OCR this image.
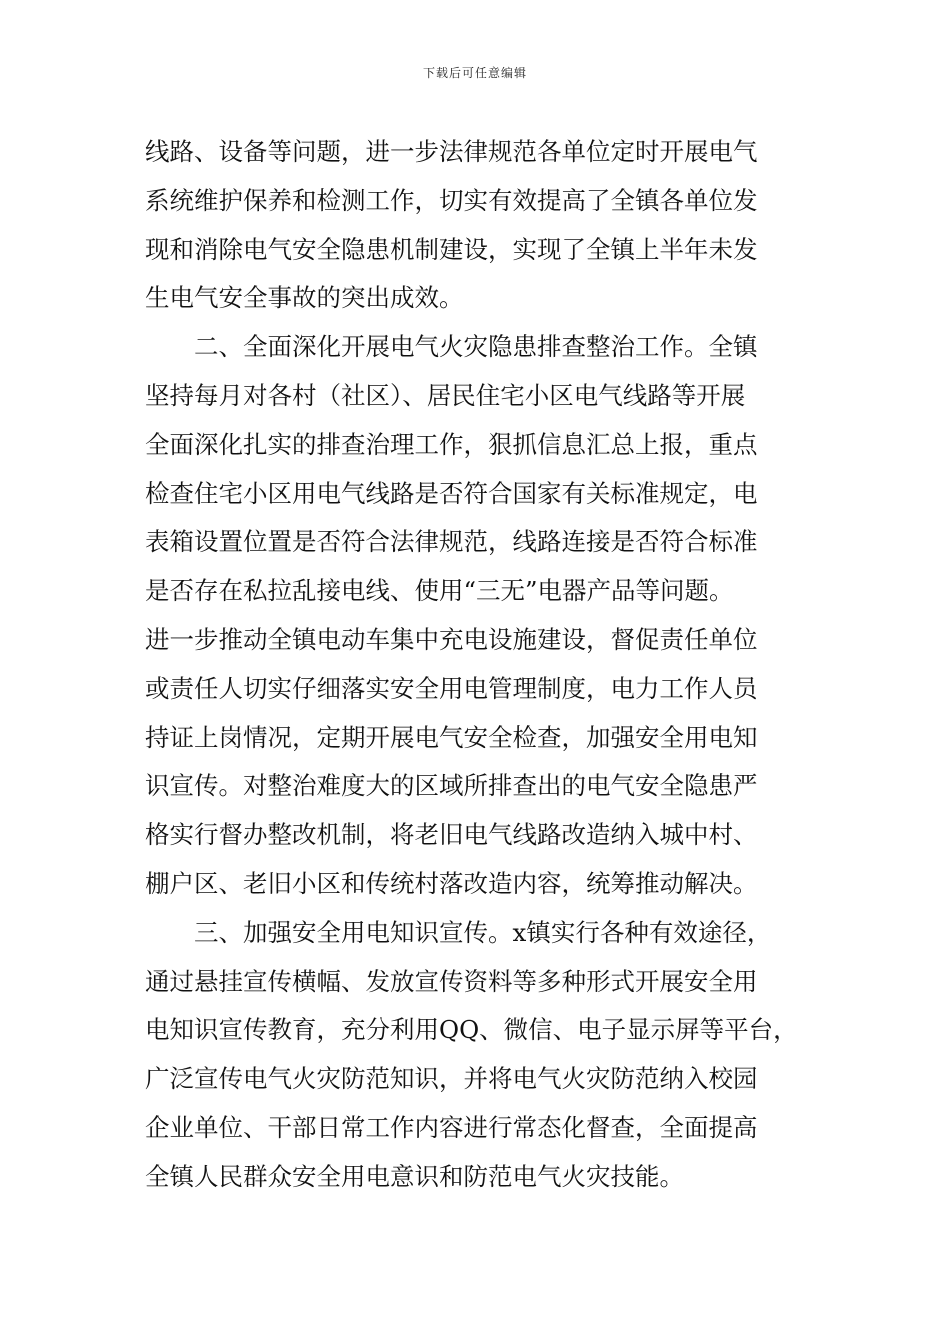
下载后可任意编辑
线路、设备等问题，进一步法律规范各单位定时开展电气
系统维护保养和检测工作，切实有效提高了全镇各单位发
现和消除电气安全隐患机制建设，实现了全镇上半年未发
生电气安全事故的突出成效。
　　二、全面深化开展电气火灾隐患排查整治工作。全镇
坚持每月对各村（社区）、居民住宅小区电气线路等开展
全面深化扎实的排查治理工作，狠抓信息汇总上报，重点
检查住宅小区用电气线路是否符合国家有关标准规定，电
表箱设置位置是否符合法律规范，线路连接是否符合标准
是否存在私拉乱接电线、使用“三无”电器产品等问题。
进一步推动全镇电动车集中充电设施建设，督促责任单位
或责任人切实仔细落实安全用电管理制度，电力工作人员
持证上岗情况，定期开展电气安全检查，加强安全用电知
识宣传。对整治难度大的区域所排查出的电气安全隐患严
格实行督办整改机制，将老旧电气线路改造纳入城中村、
棚户区、老旧小区和传统村落改造内容，统筹推动解决。
　　三、加强安全用电知识宣传。x镇实行各种有效途径，
通过悬挂宣传横幅、发放宣传资料等多种形式开展安全用
电知识宣传教育，充分利用QQ、微信、电子显示屏等平台，
广泛宣传电气火灾防范知识，并将电气火灾防范纳入校园
企业单位、干部日常工作内容进行常态化督查，全面提高
全镇人民群众安全用电意识和防范电气火灾技能。
